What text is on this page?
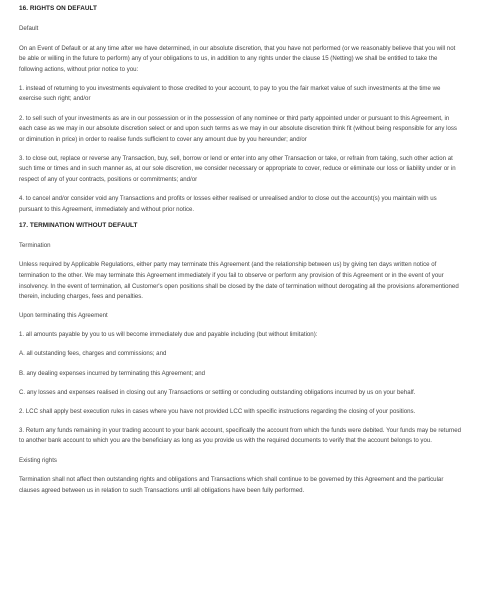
16. RIGHTS ON DEFAULT

Default

On an Event of Default or at any time after we have determined, in our absolute discretion, that you have not performed (or we reasonably believe that you will not be able or willing in the future to perform) any of your obligations to us, in addition to any rights under the clause 15 (Netting) we shall be entitled to take the following actions, without prior notice to you:

1. instead of returning to you investments equivalent to those credited to your account, to pay to you the fair market value of such investments at the time we exercise such right; and/or

2. to sell such of your investments as are in our possession or in the possession of any nominee or third party appointed under or pursuant to this Agreement, in each case as we may in our absolute discretion select or and upon such terms as we may in our absolute discretion think fit (without being responsible for any loss or diminution in price) in order to realise funds sufficient to cover any amount due by you hereunder; and/or

3. to close out, replace or reverse any Transaction, buy, sell, borrow or lend or enter into any other Transaction or take, or refrain from taking, such other action at such time or times and in such manner as, at our sole discretion, we consider necessary or appropriate to cover, reduce or eliminate our loss or liability under or in respect of any of your contracts, positions or commitments; and/or

4. to cancel and/or consider void any Transactions and profits or losses either realised or unrealised and/or to close out the account(s) you maintain with us pursuant to this Agreement, immediately and without prior notice.

17. TERMINATION WITHOUT DEFAULT

Termination

Unless required by Applicable Regulations, either party may terminate this Agreement (and the relationship between us) by giving ten days written notice of termination to the other. We may terminate this Agreement immediately if you fail to observe or perform any provision of this Agreement or in the event of your insolvency. In the event of termination, all Customer's open positions shall be closed by the date of termination without derogating all the provisions aforementioned therein, including charges, fees and penalties.

Upon terminating this Agreement

1. all amounts payable by you to us will become immediately due and payable including (but without limitation):

A. all outstanding fees, charges and commissions; and

B. any dealing expenses incurred by terminating this Agreement; and

C. any losses and expenses realised in closing out any Transactions or settling or concluding outstanding obligations incurred by us on your behalf.

2. LCC shall apply best execution rules in cases where you have not provided LCC with specific instructions regarding the closing of your positions.

3. Return any funds remaining in your trading account to your bank account, specifically the account from which the funds were debited. Your funds may be returned to another bank account to which you are the beneficiary as long as you provide us with the required documents to verify that the account belongs to you.

Existing rights

Termination shall not affect then outstanding rights and obligations and Transactions which shall continue to be governed by this Agreement and the particular clauses agreed between us in relation to such Transactions until all obligations have been fully performed.
